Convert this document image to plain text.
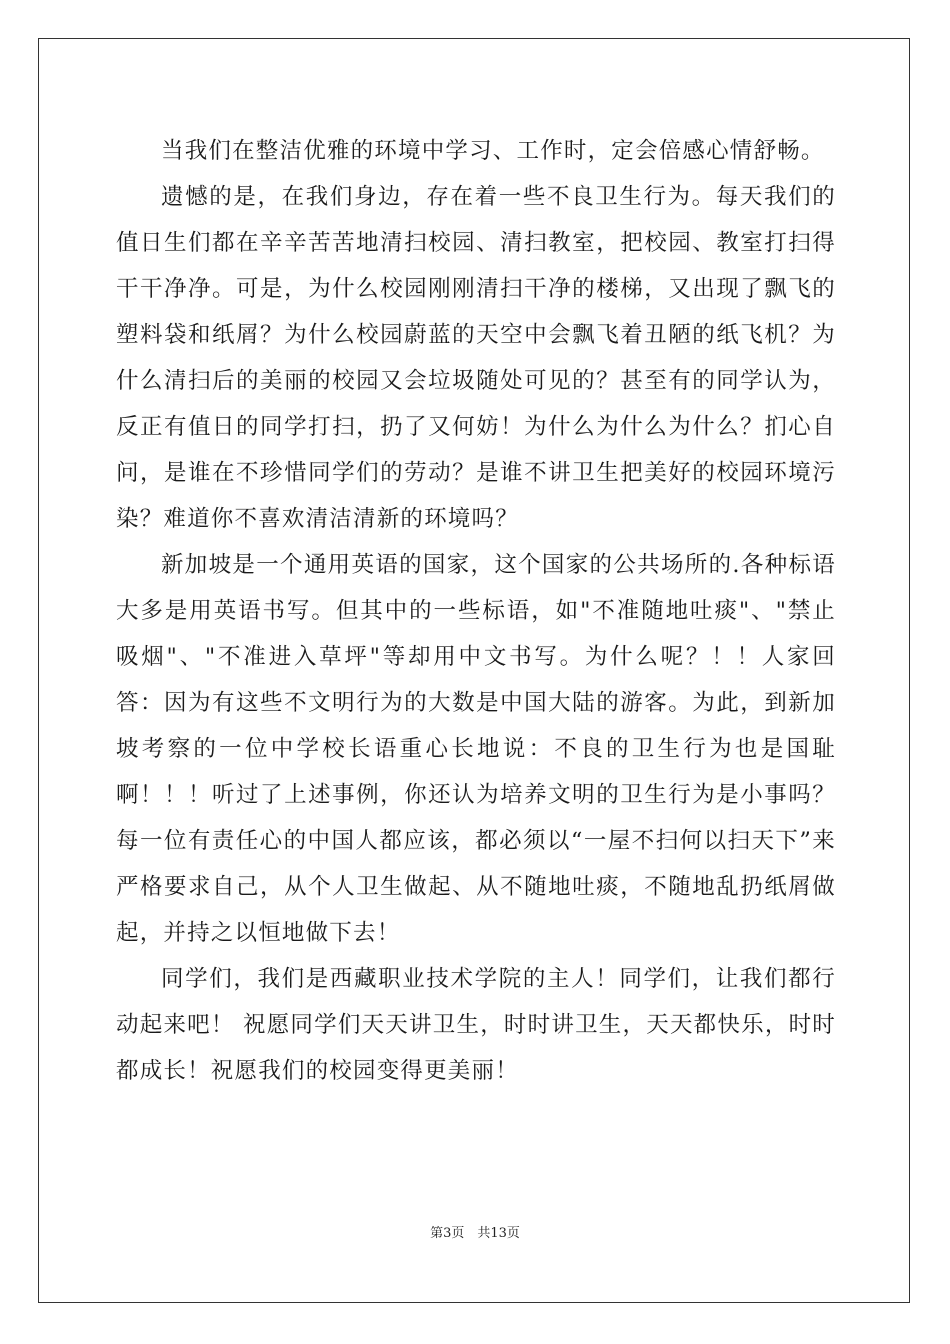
当我们在整洁优雅的环境中学习、工作时，定会倍感心情舒畅。

遗憾的是，在我们身边，存在着一些不良卫生行为。每天我们的值日生们都在辛辛苦苦地清扫校园、清扫教室，把校园、教室打扫得干干净净。可是，为什么校园刚刚清扫干净的楼梯，又出现了飘飞的塑料袋和纸屑？为什么校园蔚蓝的天空中会飘飞着丑陋的纸飞机？为什么清扫后的美丽的校园又会垃圾随处可见的？甚至有的同学认为，反正有值日的同学打扫，扔了又何妨！为什么为什么为什么？扪心自问，是谁在不珍惜同学们的劳动？是谁不讲卫生把美好的校园环境污染？难道你不喜欢清洁清新的环境吗？

新加坡是一个通用英语的国家，这个国家的公共场所的.各种标语大多是用英语书写。但其中的一些标语，如"不准随地吐痰"、"禁止吸烟"、"不准进入草坪"等却用中文书写。为什么呢？！！人家回答：因为有这些不文明行为的大数是中国大陆的游客。为此，到新加坡考察的一位中学校长语重心长地说：不良的卫生行为也是国耻啊！！！听过了上述事例，你还认为培养文明的卫生行为是小事吗？每一位有责任心的中国人都应该，都必须以“一屋不扫何以扫天下”来严格要求自己，从个人卫生做起、从不随地吐痰，不随地乱扔纸屑做起，并持之以恒地做下去！

同学们，我们是西藏职业技术学院的主人！同学们，让我们都行动起来吧！ 祝愿同学们天天讲卫生，时时讲卫生，天天都快乐，时时都成长！祝愿我们的校园变得更美丽！

第3页　共13页
